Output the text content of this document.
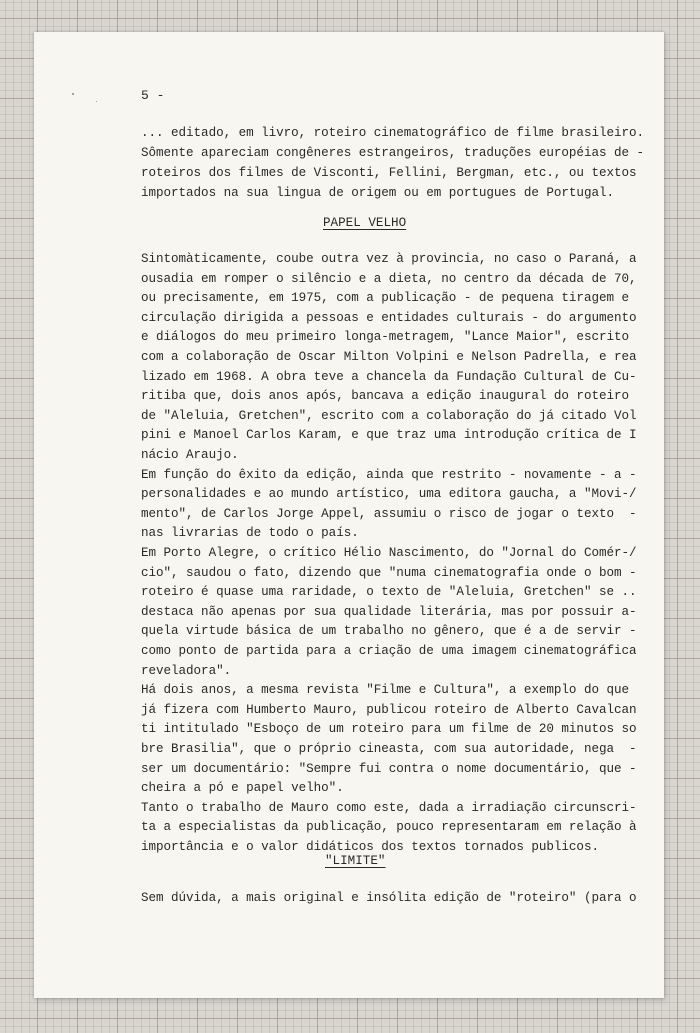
5 -
... editado, em livro, roteiro cinematográfico de filme brasileiro.
Sômente apareciam congêneres estrangeiros, traduções européias de -
roteiros dos filmes de Visconti, Fellini, Bergman, etc., ou textos
importados na sua lingua de origem ou em portugues de Portugal.
PAPEL VELHO
Sintomàticamente, coube outra vez à provincia, no caso o Paraná, a
ousadia em romper o silêncio e a dieta, no centro da década de 70,
ou precisamente, em 1975, com a publicação - de pequena tiragem e
circulação dirigida a pessoas e entidades culturais - do argumento
e diálogos do meu primeiro longa-metragem, "Lance Maior", escrito
com a colaboração de Oscar Milton Volpini e Nelson Padrella, e rea
lizado em 1968. A obra teve a chancela da Fundação Cultural de Cu-
ritiba que, dois anos após, bancava a edição inaugural do roteiro
de "Aleluia, Gretchen", escrito com a colaboração do já citado Vol
pini e Manoel Carlos Karam, e que traz uma introdução crítica de I
nácio Araujo.
Em função do êxito da edição, ainda que restrito - novamente - a -
personalidades e ao mundo artístico, uma editora gaucha, a "Movi-/
mento", de Carlos Jorge Appel, assumiu o risco de jogar o texto  -
nas livrarias de todo o país.
Em Porto Alegre, o crítico Hélio Nascimento, do "Jornal do Comér-/
cio", saudou o fato, dizendo que "numa cinematografia onde o bom -
roteiro é quase uma raridade, o texto de "Aleluia, Gretchen" se ..
destaca não apenas por sua qualidade literária, mas por possuir a-
quela virtude básica de um trabalho no gênero, que é a de servir -
como ponto de partida para a criação de uma imagem cinematográfica
reveladora".
Há dois anos, a mesma revista "Filme e Cultura", a exemplo do que
já fizera com Humberto Mauro, publicou roteiro de Alberto Cavalcan
ti intitulado "Esboço de um roteiro para um filme de 20 minutos so
bre Brasilia", que o próprio cineasta, com sua autoridade, nega  -
ser um documentário: "Sempre fui contra o nome documentário, que -
cheira a pó e papel velho".
Tanto o trabalho de Mauro como este, dada a irradiação circunscri-
ta a especialistas da publicação, pouco representaram em relação à
importância e o valor didáticos dos textos tornados publicos.
"LIMITE"
Sem dúvida, a mais original e insólita edição de "roteiro" (para o
